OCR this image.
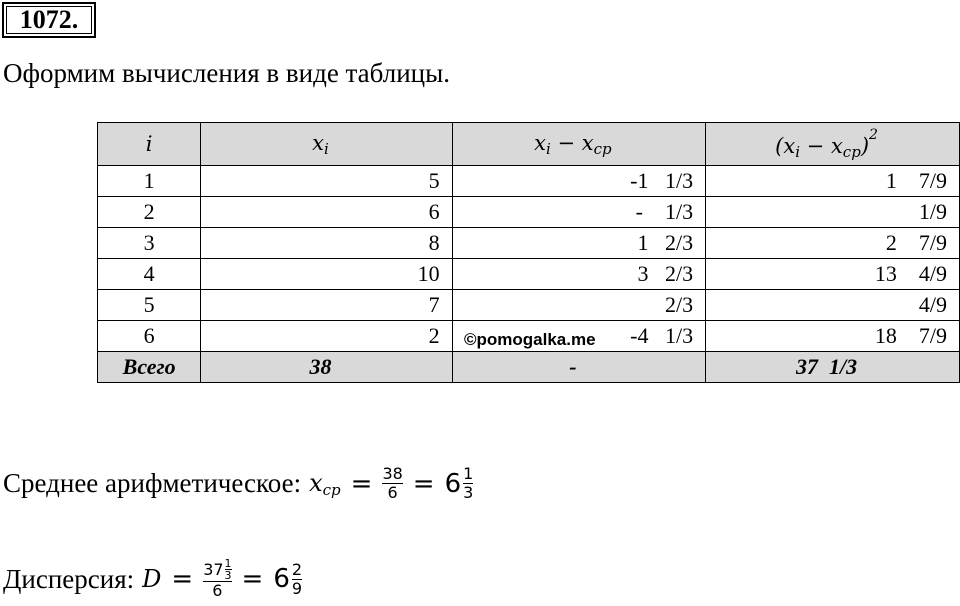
1072.
Оформим вычисления в виде таблицы.
i	$x_i$	$x_i - x_{ср}$	$(x_i - x_{ср})^2$
1	5	-1   1/3	1    7/9
2	6	-    1/3	1/9
3	8	1   2/3	2    7/9
4	10	3   2/3	13    4/9
5	7	2/3	4/9
6	2	-4   1/3	18    7/9
Всего	38	-	37  1/3
©pomogalka.me
Среднее арифметическое: $x_{ср} = \frac{38}{6} = 6 \frac{1}{3}$
Дисперсия: D = 37 1
3
$6 = 6 \frac{2}{9}$
